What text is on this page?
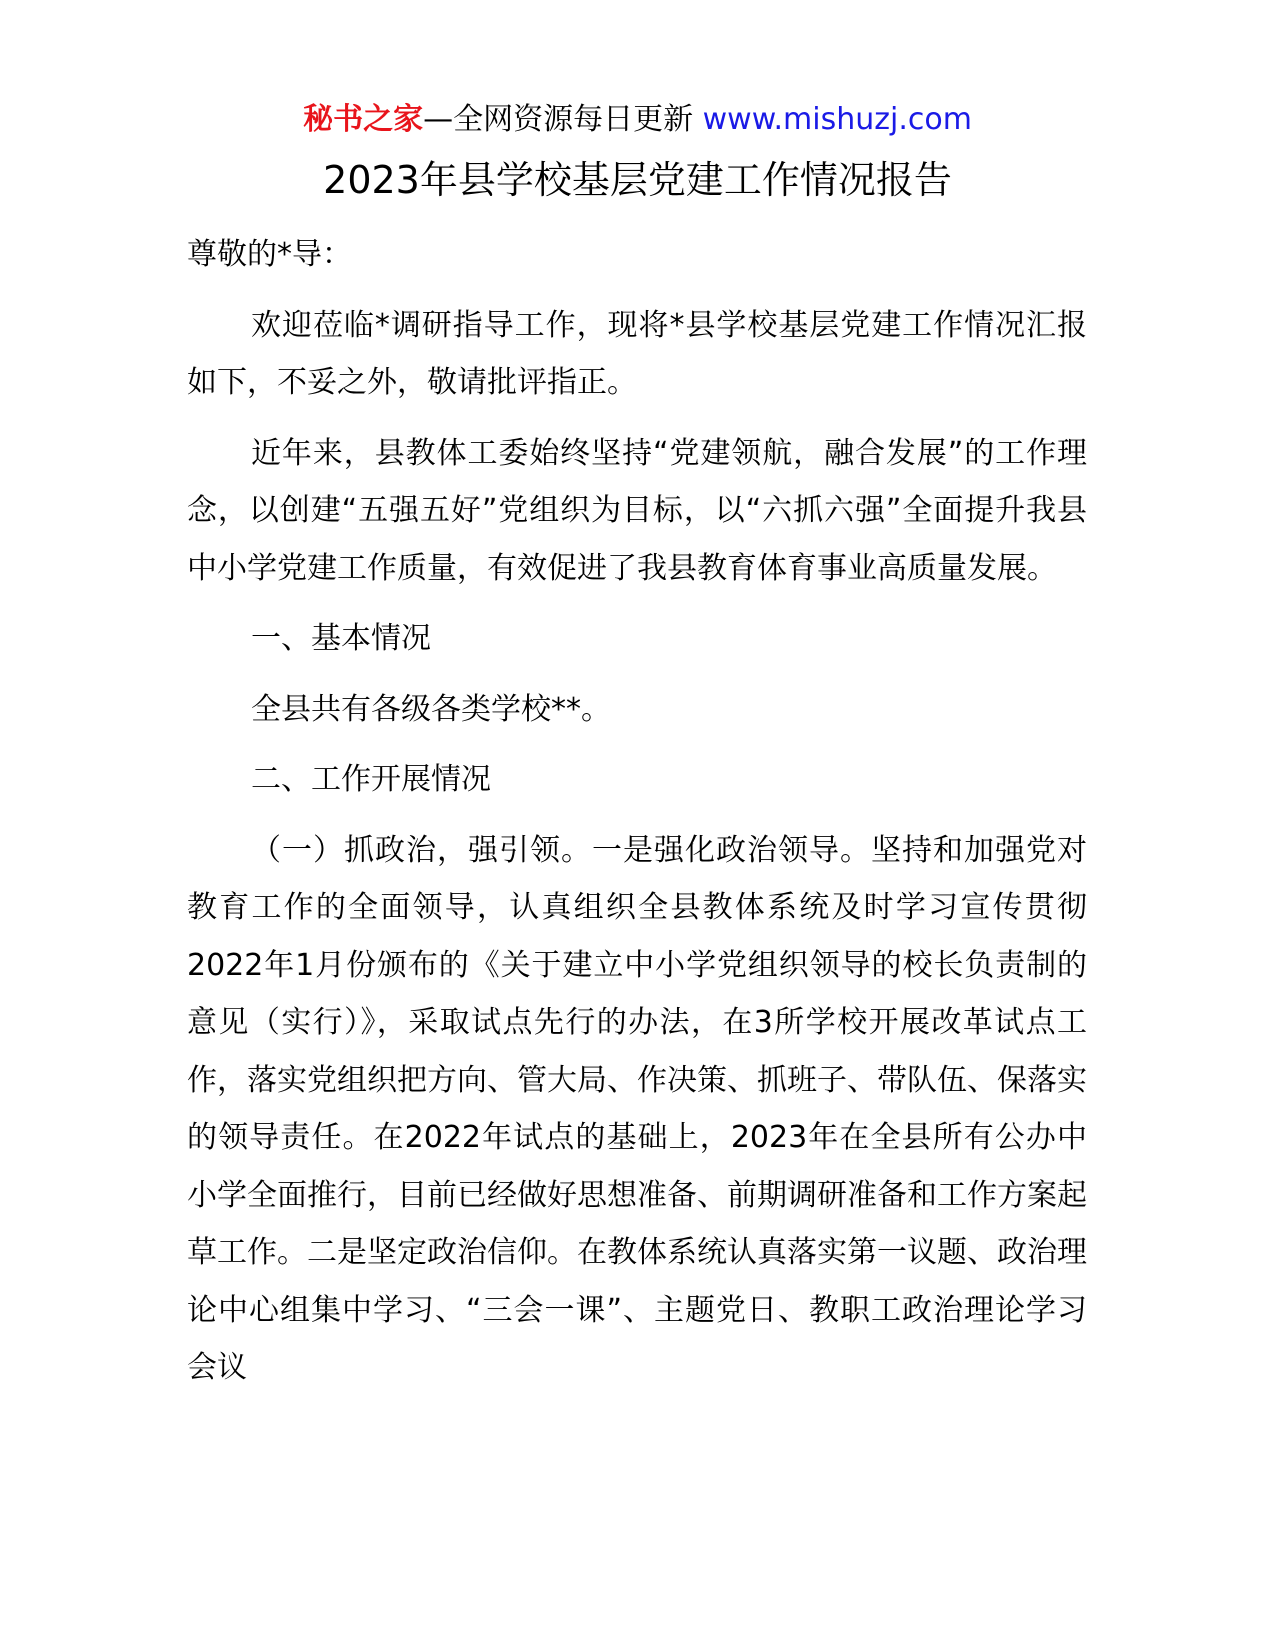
秘书之家—全网资源每日更新 www.mishuzj.com
2023年县学校基层党建工作情况报告

尊敬的*导：

欢迎莅临*调研指导工作，现将*县学校基层党建工作情况汇报如下，不妥之外，敬请批评指正。

近年来，县教体工委始终坚持“党建领航，融合发展”的工作理念，以创建“五强五好”党组织为目标，以“六抓六强”全面提升我县中小学党建工作质量，有效促进了我县教育体育事业高质量发展。

一、基本情况

全县共有各级各类学校**。

二、工作开展情况

（一）抓政治，强引领。一是强化政治领导。坚持和加强党对教育工作的全面领导，认真组织全县教体系统及时学习宣传贯彻2022年1月份颁布的《关于建立中小学党组织领导的校长负责制的意见（实行）》，采取试点先行的办法，在3所学校开展改革试点工作，落实党组织把方向、管大局、作决策、抓班子、带队伍、保落实的领导责任。在2022年试点的基础上，2023年在全县所有公办中小学全面推行，目前已经做好思想准备、前期调研准备和工作方案起草工作。二是坚定政治信仰。在教体系统认真落实第一议题、政治理论中心组集中学习、“三会一课”、主题党日、教职工政治理论学习会议
